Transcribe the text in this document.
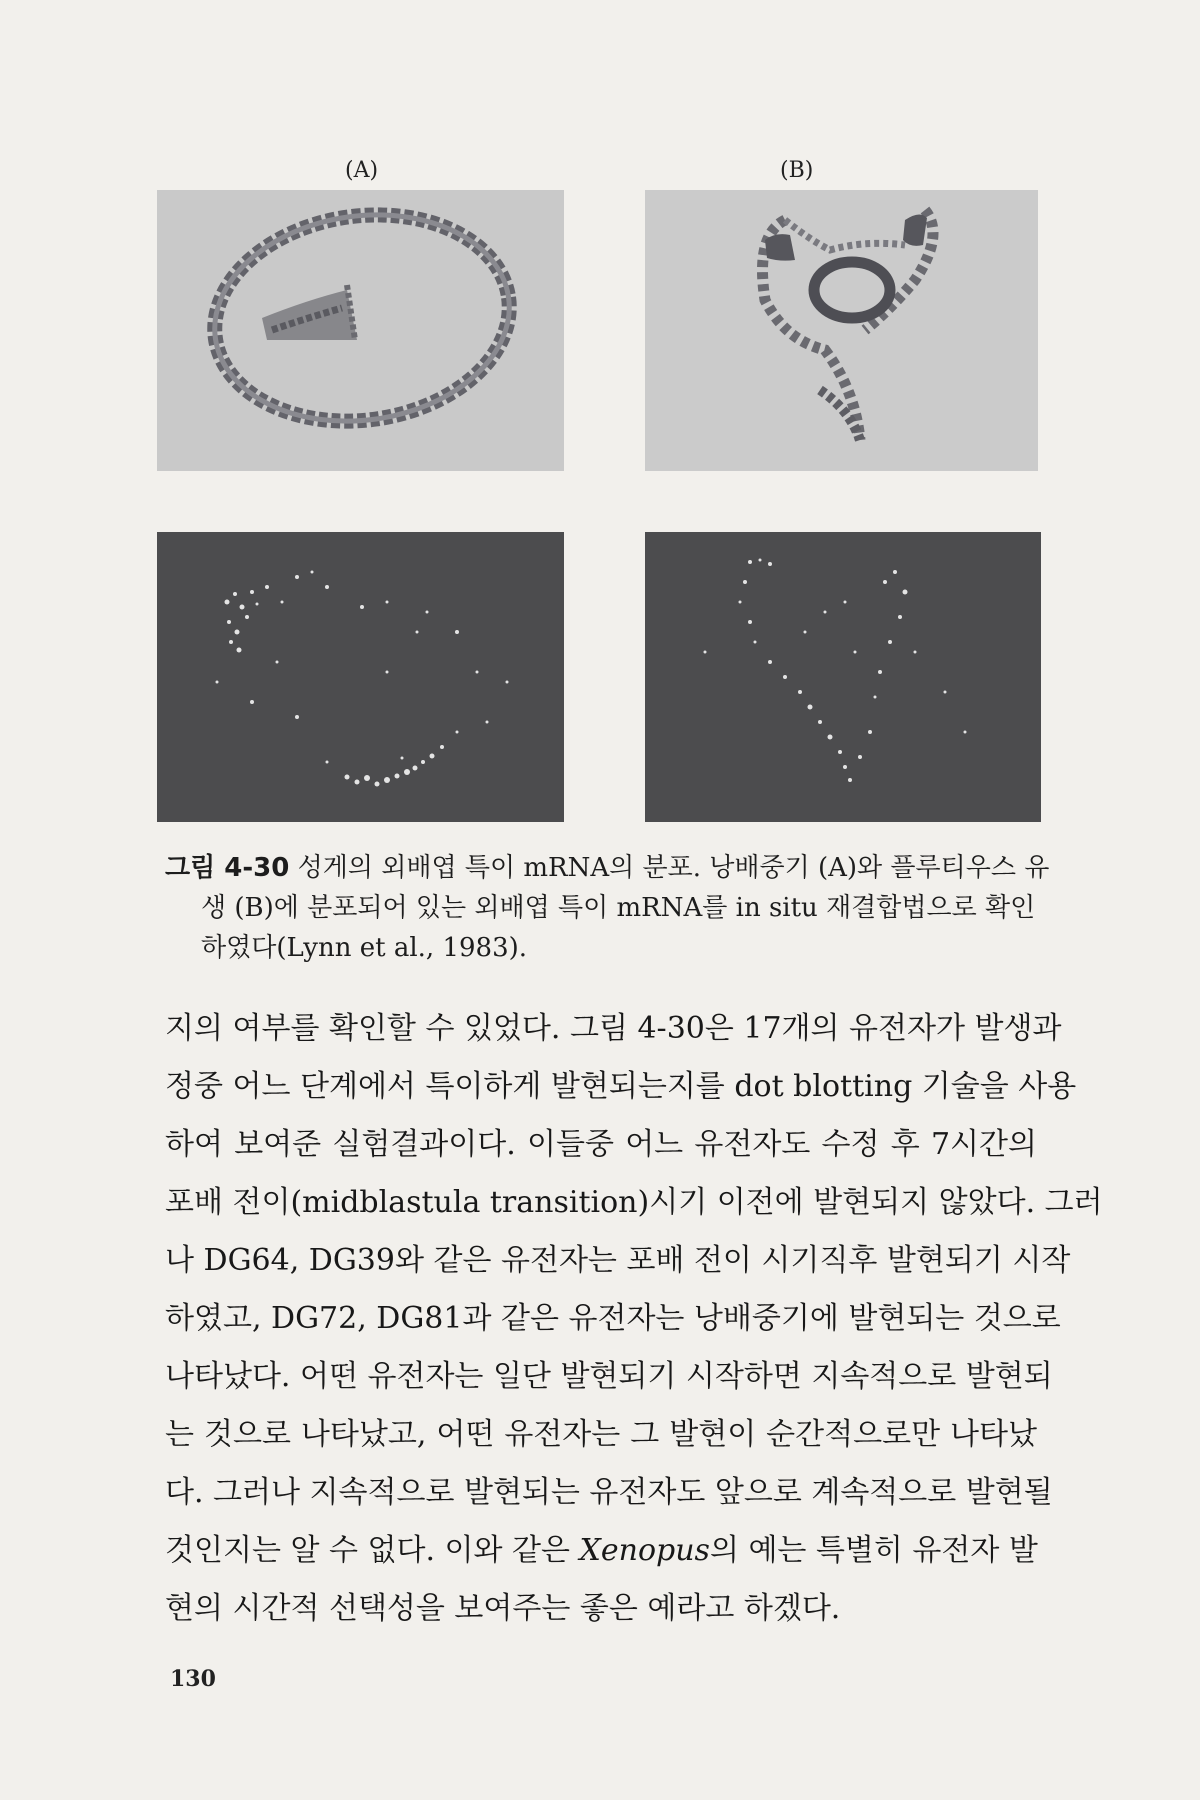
(A)	(B)
그림 4-30 성게의 외배엽 특이 mRNA의 분포. 낭배중기 (A)와 플루티우스 유
생 (B)에 분포되어 있는 외배엽 특이 mRNA를 in situ 재결합법으로 확인
하였다(Lynn et al., 1983).
지의 여부를 확인할 수 있었다. 그림 4-30은 17개의 유전자가 발생과
정중 어느 단계에서 특이하게 발현되는지를 dot blotting 기술을 사용
하여 보여준 실험결과이다. 이들중 어느 유전자도 수정 후 7시간의
포배 전이(midblastula transition)시기 이전에 발현되지 않았다. 그러
나 DG64, DG39와 같은 유전자는 포배 전이 시기직후 발현되기 시작
하였고, DG72, DG81과 같은 유전자는 낭배중기에 발현되는 것으로
나타났다. 어떤 유전자는 일단 발현되기 시작하면 지속적으로 발현되
는 것으로 나타났고, 어떤 유전자는 그 발현이 순간적으로만 나타났
다. 그러나 지속적으로 발현되는 유전자도 앞으로 계속적으로 발현될
것인지는 알 수 없다. 이와 같은 Xenopus의 예는 특별히 유전자 발
현의 시간적 선택성을 보여주는 좋은 예라고 하겠다.
130
